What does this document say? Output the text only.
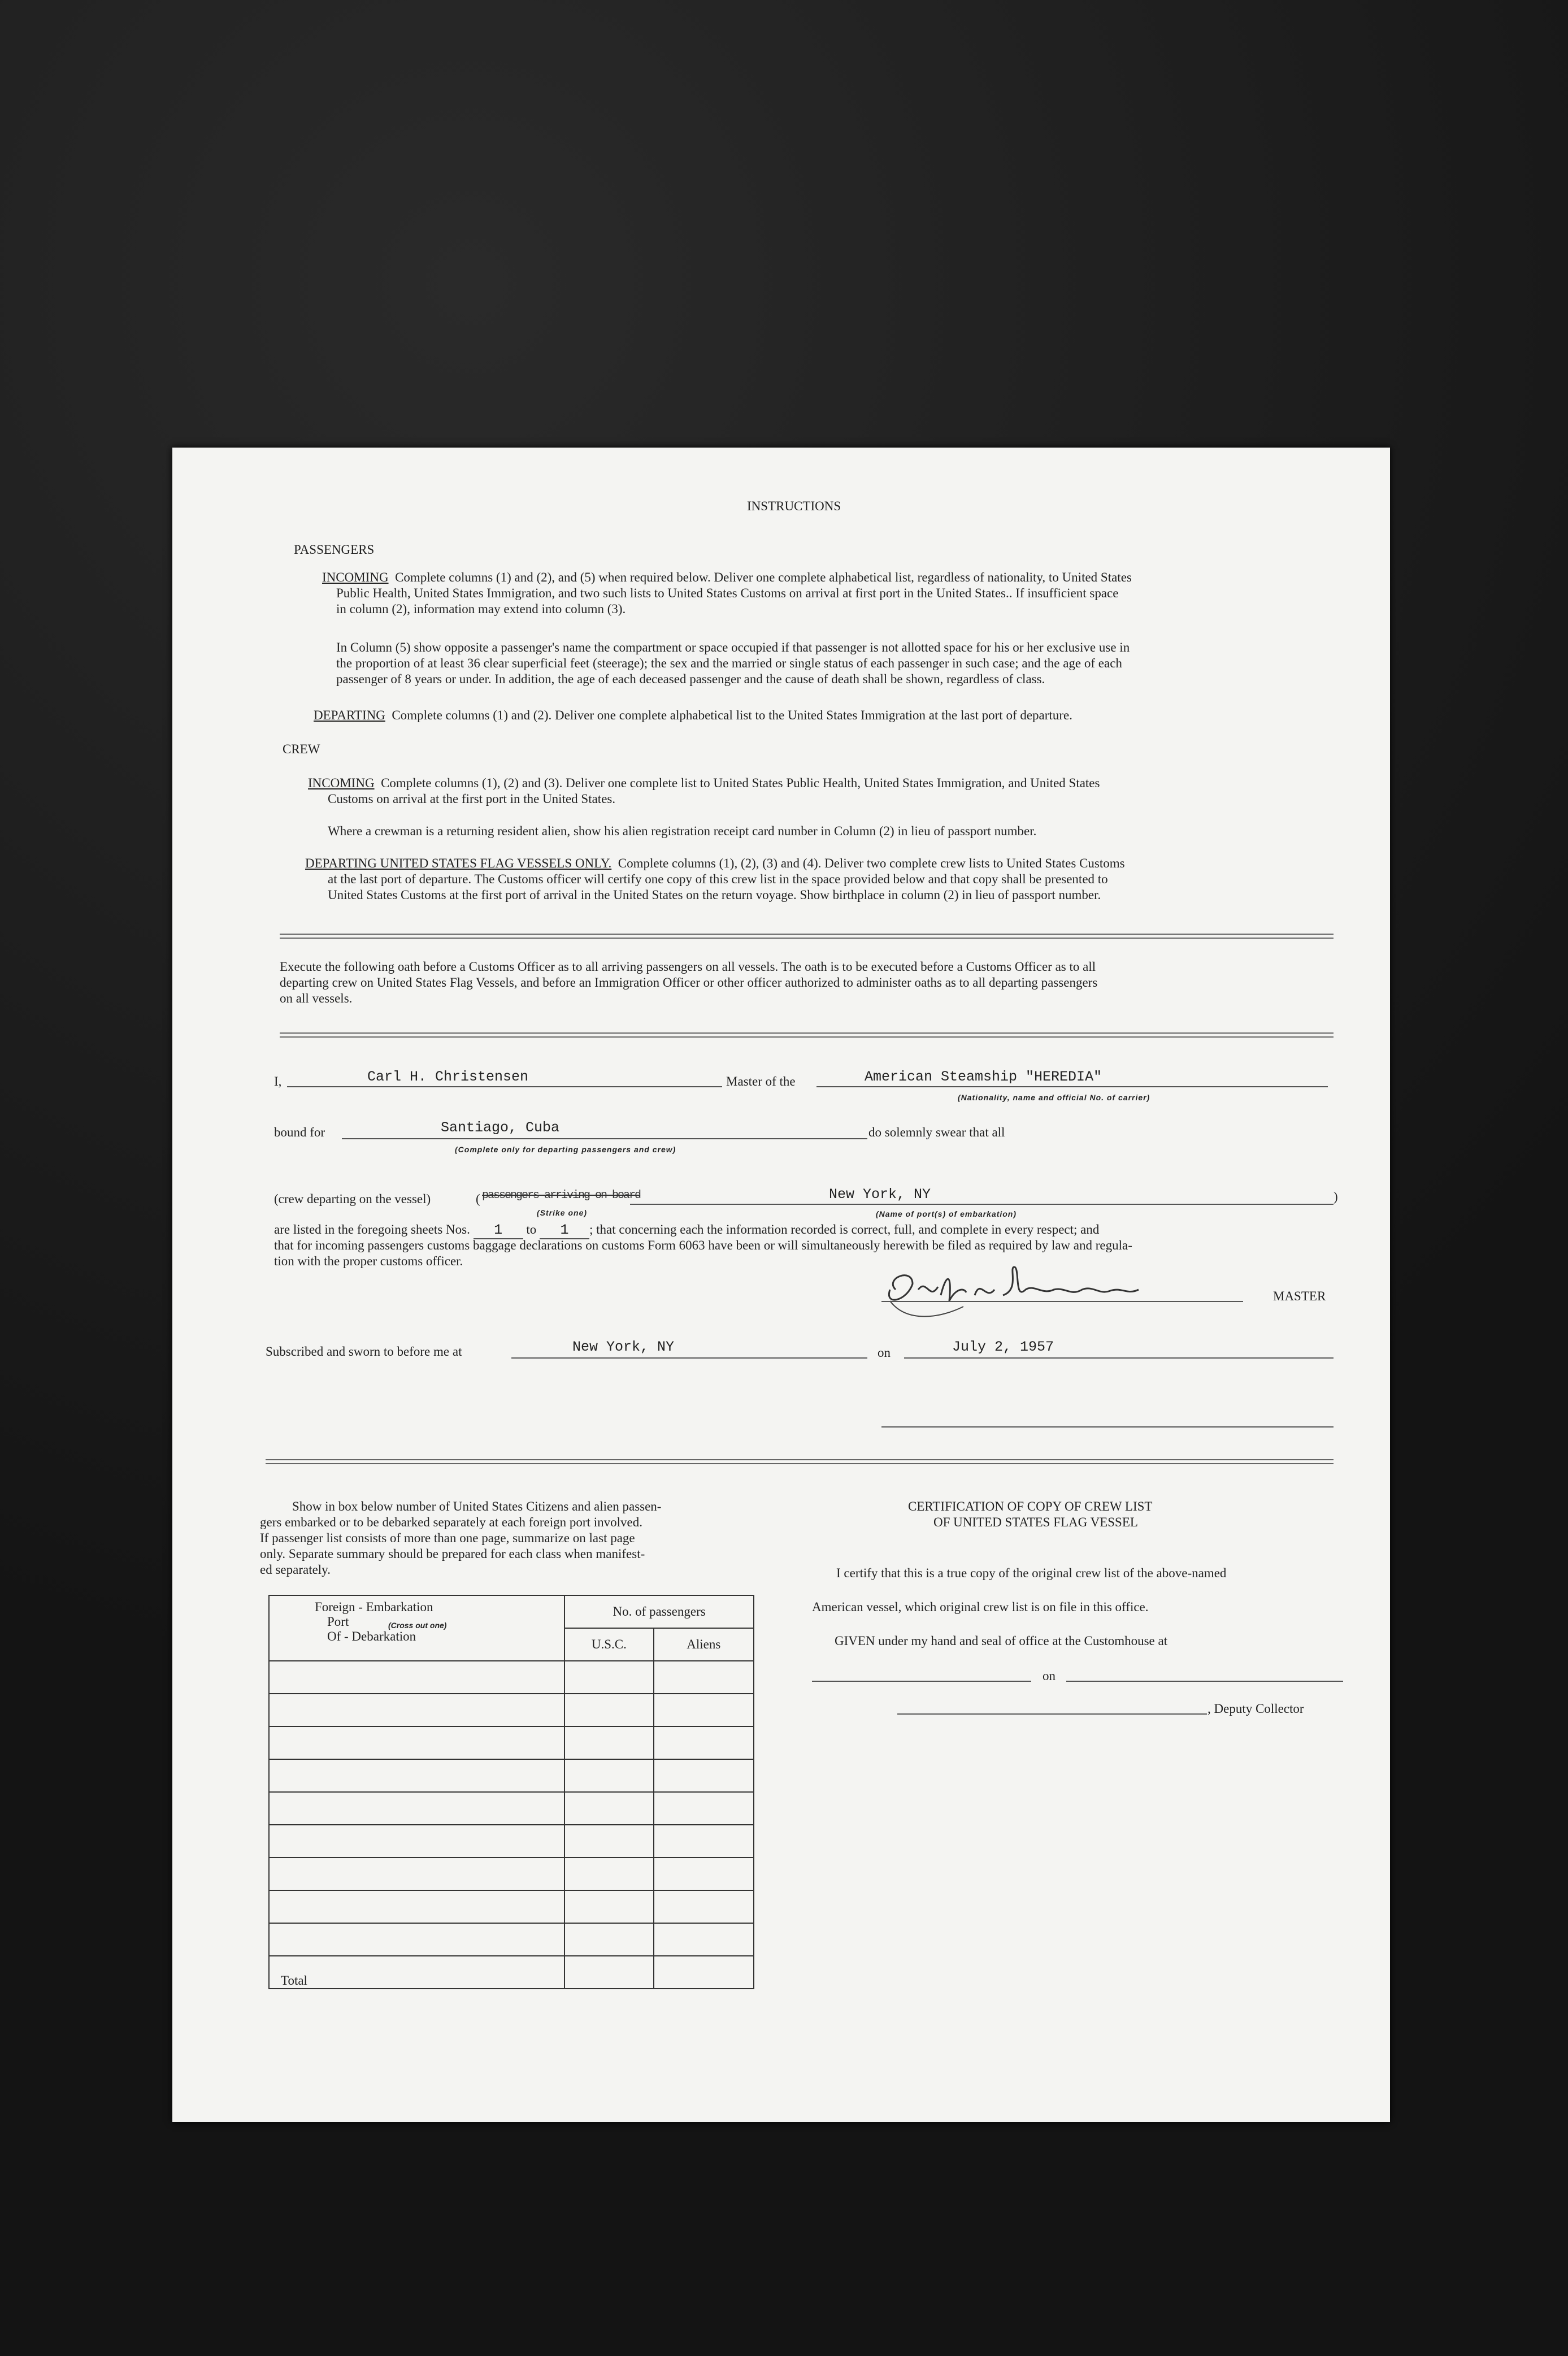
INSTRUCTIONS
PASSENGERS
INCOMING Complete columns (1) and (2), and (5) when required below. Deliver one complete alphabetical list, regardless of nationality, to United States
Public Health, United States Immigration, and two such lists to United States Customs on arrival at first port in the United States.. If insufficient space
in column (2), information may extend into column (3).
In Column (5) show opposite a passenger's name the compartment or space occupied if that passenger is not allotted space for his or her exclusive use in
the proportion of at least 36 clear superficial feet (steerage); the sex and the married or single status of each passenger in such case; and the age of each
passenger of 8 years or under. In addition, the age of each deceased passenger and the cause of death shall be shown, regardless of class.
DEPARTING Complete columns (1) and (2). Deliver one complete alphabetical list to the United States Immigration at the last port of departure.
CREW
INCOMING Complete columns (1), (2) and (3). Deliver one complete list to United States Public Health, United States Immigration, and United States
Customs on arrival at the first port in the United States.
Where a crewman is a returning resident alien, show his alien registration receipt card number in Column (2) in lieu of passport number.
DEPARTING UNITED STATES FLAG VESSELS ONLY. Complete columns (1), (2), (3) and (4). Deliver two complete crew lists to United States Customs
at the last port of departure. The Customs officer will certify one copy of this crew list in the space provided below and that copy shall be presented to
United States Customs at the first port of arrival in the United States on the return voyage. Show birthplace in column (2) in lieu of passport number.
Execute the following oath before a Customs Officer as to all arriving passengers on all vessels. The oath is to be executed before a Customs Officer as to all
departing crew on United States Flag Vessels, and before an Immigration Officer or other officer authorized to administer oaths as to all departing passengers
on all vessels.
I,	Carl H. Christensen	Master of the	American Steamship "HEREDIA"
(Nationality, name and official No. of carrier)
bound for	Santiago, Cuba
(Complete only for departing passengers and crew)
do solemnly swear that all
(crew departing on the vessel)	( passengers arriving on board
(Strike one)
New York, NY
(Name of port(s) of embarkation)
)
are listed in the foregoing sheets Nos. 1 to 1 ; that concerning each the information recorded is correct, full, and complete in every respect; and
that for incoming passengers customs baggage declarations on customs Form 6063 have been or will simultaneously herewith be filed as required by law and regula-
tion with the proper customs officer.
MASTER
Subscribed and sworn to before me at	New York, NY	on	July 2, 1957
Show in box below number of United States Citizens and alien passen-
gers embarked or to be debarked separately at each foreign port involved.
If passenger list consists of more than one page, summarize on last page
only. Separate summary should be prepared for each class when manifest-
ed separately.
Foreign - Embarkation
Port (Cross out one)
Of - Debarkation	No. of passengers	
	U.S.C.	Aliens

Total		
CERTIFICATION OF COPY OF CREW LIST
OF UNITED STATES FLAG VESSEL
I certify that this is a true copy of the original crew list of the above-named
American vessel, which original crew list is on file in this office.
GIVEN under my hand and seal of office at the Customhouse at
on
, Deputy Collector
